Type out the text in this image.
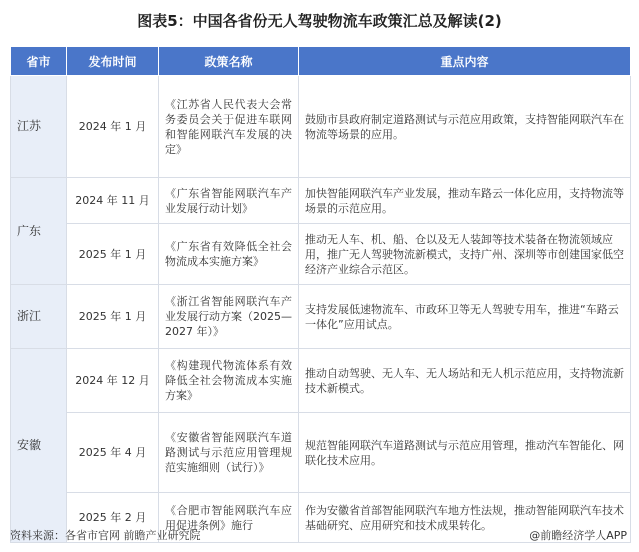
图表5：中国各省份无人驾驶物流车政策汇总及解读(2)
省市	发布时间	政策名称	重点内容
江苏	2024 年 1 月	《江苏省人民代表大会常务委员会关于促进车联网和智能网联汽车发展的决定》	鼓励市县政府制定道路测试与示范应用政策，支持智能网联汽车在物流等场景的应用。
广东	2024 年 11 月	《广东省智能网联汽车产业发展行动计划》	加快智能网联汽车产业发展，推动车路云一体化应用，支持物流等场景的示范应用。
	2025 年 1 月	《广东省有效降低全社会物流成本实施方案》	推动无人车、机、船、仓以及无人装卸等技术装备在物流领域应用，推广无人驾驶物流新模式，支持广州、深圳等市创建国家低空经济产业综合示范区。
浙江	2025 年 1 月	《浙江省智能网联汽车产业发展行动方案（2025—2027 年）》	支持发展低速物流车、市政环卫等无人驾驶专用车，推进“车路云一体化”应用试点。
安徽	2024 年 12 月	《构建现代物流体系有效降低全社会物流成本实施方案》	推动自动驾驶、无人车、无人场站和无人机示范应用，支持物流新技术新模式。
	2025 年 4 月	《安徽省智能网联汽车道路测试与示范应用管理规范实施细则（试行）》	规范智能网联汽车道路测试与示范应用管理，推动汽车智能化、网联化技术应用。
	2025 年 2 月	《合肥市智能网联汽车应用促进条例》施行	作为安徽省首部智能网联汽车地方性法规，推动智能网联汽车技术基础研究、应用研究和技术成果转化。
资料来源：各省市官网 前瞻产业研究院	@前瞻经济学人APP
